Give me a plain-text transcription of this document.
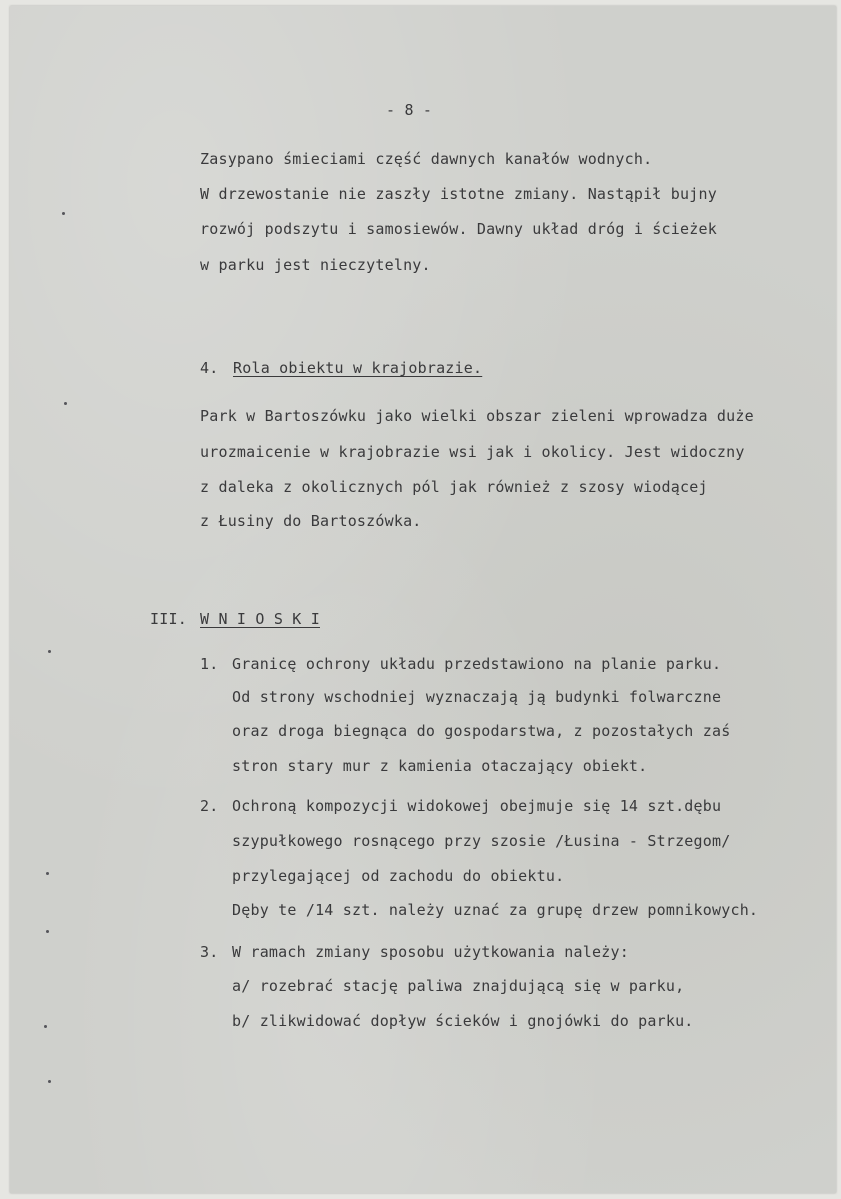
- 8 -
Zasypano śmieciami część dawnych kanałów wodnych.
W drzewostanie nie zaszły istotne zmiany. Nastąpił bujny
rozwój podszytu i samosiewów. Dawny układ dróg i ścieżek
w parku jest nieczytelny.
4. Rola obiektu w krajobrazie.
Park w Bartoszówku jako wielki obszar zieleni wprowadza duże
urozmaicenie w krajobrazie wsi jak i okolicy. Jest widoczny
z daleka z okolicznych pól jak również z szosy wiodącej
z Łusiny do Bartoszówka.
III. W N I O S K I
1. Granicę ochrony układu przedstawiono na planie parku.
Od strony wschodniej wyznaczają ją budynki folwarczne
oraz droga biegnąca do gospodarstwa, z pozostałych zaś
stron stary mur z kamienia otaczający obiekt.
2. Ochroną kompozycji widokowej obejmuje się 14 szt.dębu
szypułkowego rosnącego przy szosie /Łusina - Strzegom/
przylegającej od zachodu do obiektu.
Dęby te /14 szt. należy uznać za grupę drzew pomnikowych.
3. W ramach zmiany sposobu użytkowania należy:
a/ rozebrać stację paliwa znajdującą się w parku,
b/ zlikwidować dopływ ścieków i gnojówki do parku.
